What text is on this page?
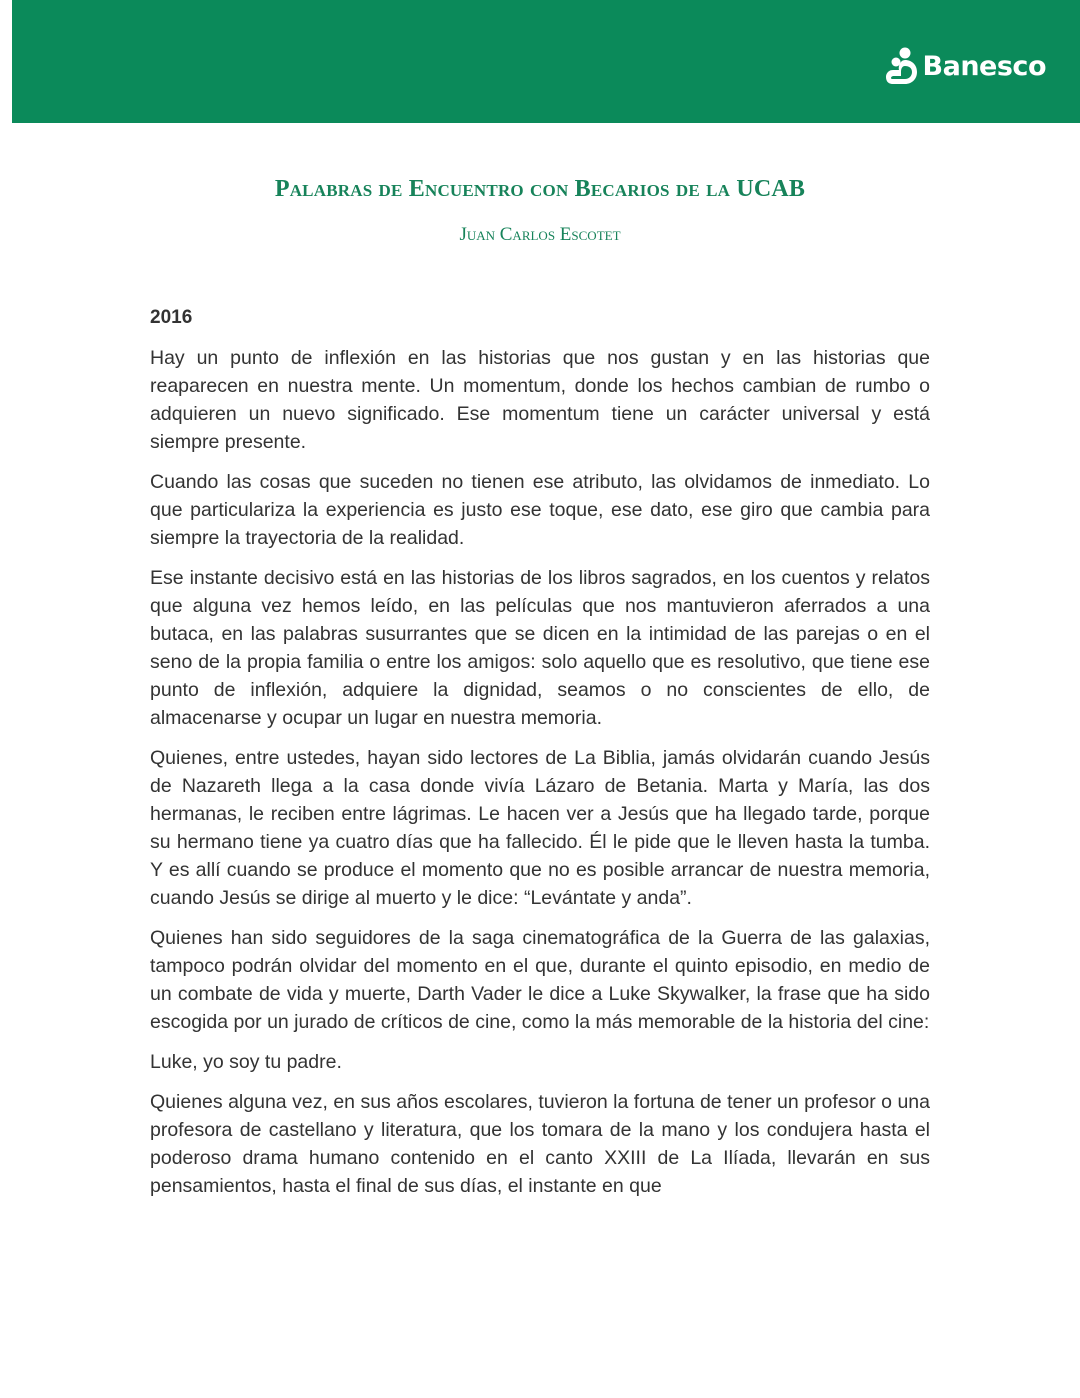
Banesco
Palabras de Encuentro con Becarios de la UCAB
Juan Carlos Escotet
2016

Hay un punto de inflexión en las historias que nos gustan y en las historias que reaparecen en nuestra mente. Un momentum, donde los hechos cambian de rumbo o adquieren un nuevo significado. Ese momentum tiene un carácter universal y está siempre presente.

Cuando las cosas que suceden no tienen ese atributo, las olvidamos de inmediato. Lo que particulariza la experiencia es justo ese toque, ese dato, ese giro que cambia para siempre la trayectoria de la realidad.

Ese instante decisivo está en las historias de los libros sagrados, en los cuentos y relatos que alguna vez hemos leído, en las películas que nos mantuvieron aferrados a una butaca, en las palabras susurrantes que se dicen en la intimidad de las parejas o en el seno de la propia familia o entre los amigos: solo aquello que es resolutivo, que tiene ese punto de inflexión, adquiere la dignidad, seamos o no conscientes de ello, de almacenarse y ocupar un lugar en nuestra memoria.

Quienes, entre ustedes, hayan sido lectores de La Biblia, jamás olvidarán cuando Jesús de Nazareth llega a la casa donde vivía Lázaro de Betania. Marta y María, las dos hermanas, le reciben entre lágrimas. Le hacen ver a Jesús que ha llegado tarde, porque su hermano tiene ya cuatro días que ha fallecido. Él le pide que le lleven hasta la tumba. Y es allí cuando se produce el momento que no es posible arrancar de nuestra memoria, cuando Jesús se dirige al muerto y le dice: “Levántate y anda”.

Quienes han sido seguidores de la saga cinematográfica de la Guerra de las galaxias, tampoco podrán olvidar del momento en el que, durante el quinto episodio, en medio de un combate de vida y muerte, Darth Vader le dice a Luke Skywalker, la frase que ha sido escogida por un jurado de críticos de cine, como la más memorable de la historia del cine:

Luke, yo soy tu padre.

Quienes alguna vez, en sus años escolares, tuvieron la fortuna de tener un profesor o una profesora de castellano y literatura, que los tomara de la mano y los condujera hasta el poderoso drama humano contenido en el canto XXIII de La Ilíada, llevarán en sus pensamientos, hasta el final de sus días, el instante en que
